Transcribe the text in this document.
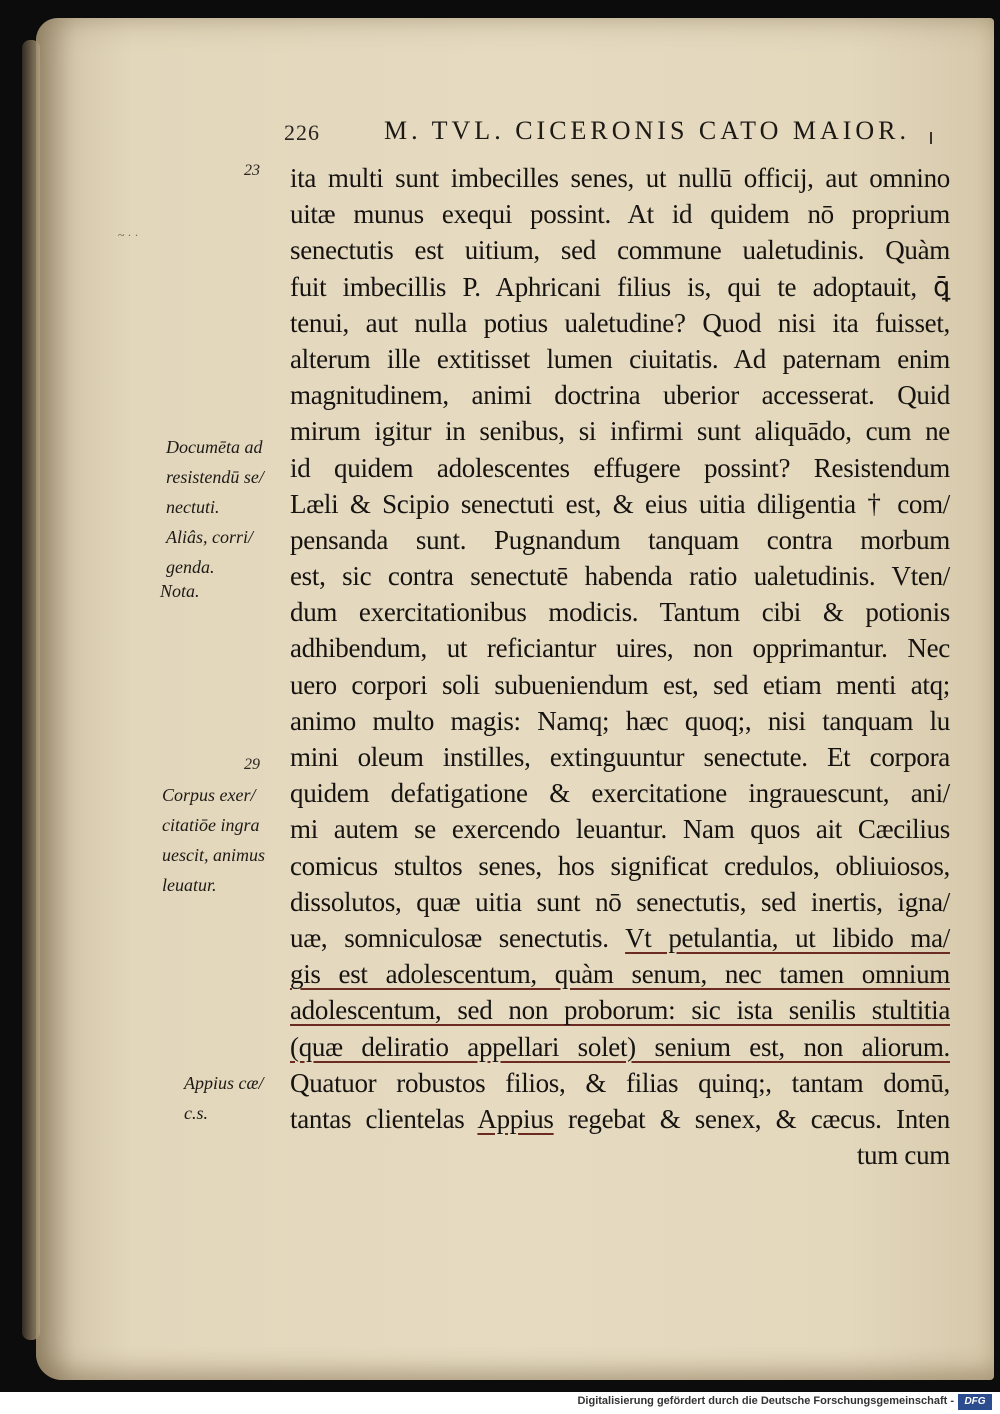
226 M. TVL. CICERONIS CATO MAIOR.
23
29
~ · ·
Documēta ad
resistendū se/
nectuti.
Aliâs, corri/
genda.
Nota.
Corpus exer/
citatiōe ingra
uescit, animus
leuatur.
Appius cæ/
c.s.
ita multi sunt imbecilles senes, ut nullū officij, aut omnino
uitæ munus exequi possint. At id quidem nō proprium
senectutis est uitium, sed commune ualetudinis. Quàm
fuit imbecillis P. Aphricani filius is, qui te adoptauit, ꝗ̄
tenui, aut nulla potius ualetudine? Quod nisi ita fuisset,
alterum ille extitisset lumen ciuitatis. Ad paternam enim
magnitudinem, animi doctrina uberior accesserat. Quid
mirum igitur in senibus, si infirmi sunt aliquādo, cum ne
id quidem adolescentes effugere possint? Resistendum
Læli & Scipio senectuti est, & eius uitia diligentia † com/
pensanda sunt. Pugnandum tanquam contra morbum
est, sic contra senectutē habenda ratio ualetudinis. Vten/
dum exercitationibus modicis. Tantum cibi & potionis
adhibendum, ut reficiantur uires, non opprimantur. Nec
uero corpori soli subueniendum est, sed etiam menti atq;
animo multo magis: Namq; hæc quoq;, nisi tanquam lu
mini oleum instilles, extinguuntur senectute. Et corpora
quidem defatigatione & exercitatione ingrauescunt, ani/
mi autem se exercendo leuantur. Nam quos ait Cæcilius
comicus stultos senes, hos significat credulos, obliuiosos,
dissolutos, quæ uitia sunt nō senectutis, sed inertis, igna/
uæ, somniculosæ senectutis. Vt petulantia, ut libido ma/
gis est adolescentum, quàm senum, nec tamen omnium
adolescentum, sed non proborum: sic ista senilis stultitia
(quæ deliratio appellari solet) senium est, non aliorum.
Quatuor robustos filios, & filias quinq;, tantam domū,
tantas clientelas Appius regebat & senex, & cæcus. Inten
tum cum
Digitalisierung gefördert durch die Deutsche Forschungsgemeinschaft -	DFG
